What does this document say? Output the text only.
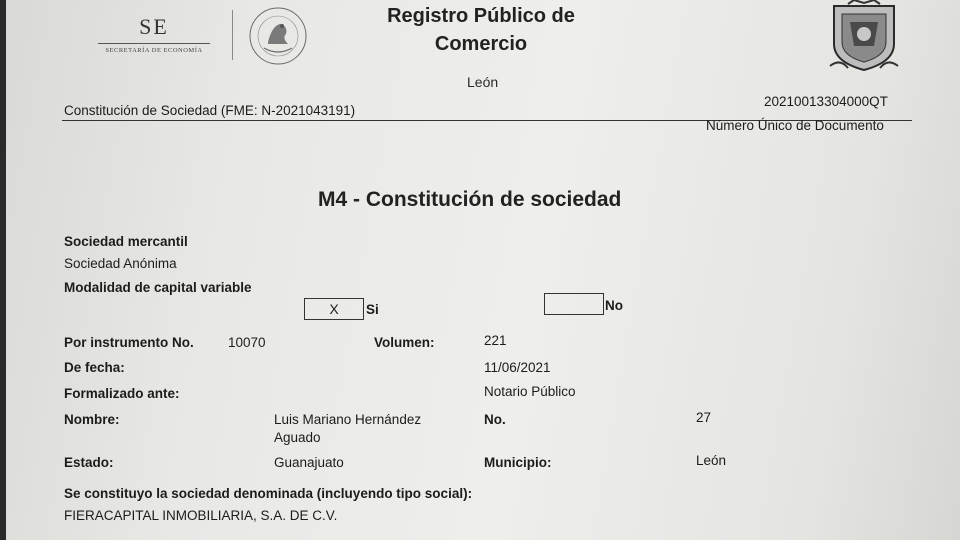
SE
SECRETARÍA DE ECONOMÍA
Registro Público de
Comercio
León
Constitución de Sociedad (FME: N-2021043191)
20210013304000QT
Número Único de Documento
M4 - Constitución de sociedad
Sociedad mercantil
Sociedad Anónima
Modalidad de capital variable
X	Si	No
Por instrumento No.	10070	Volumen:	221
De fecha:	11/06/2021
Formalizado ante:	Notario Público
Nombre:	Luis Mariano Hernández
Aguado
No.	27
Estado:	Guanajuato	Municipio:	León
Se constituyo la sociedad denominada (incluyendo tipo social):
FIERACAPITAL INMOBILIARIA, S.A. DE C.V.
